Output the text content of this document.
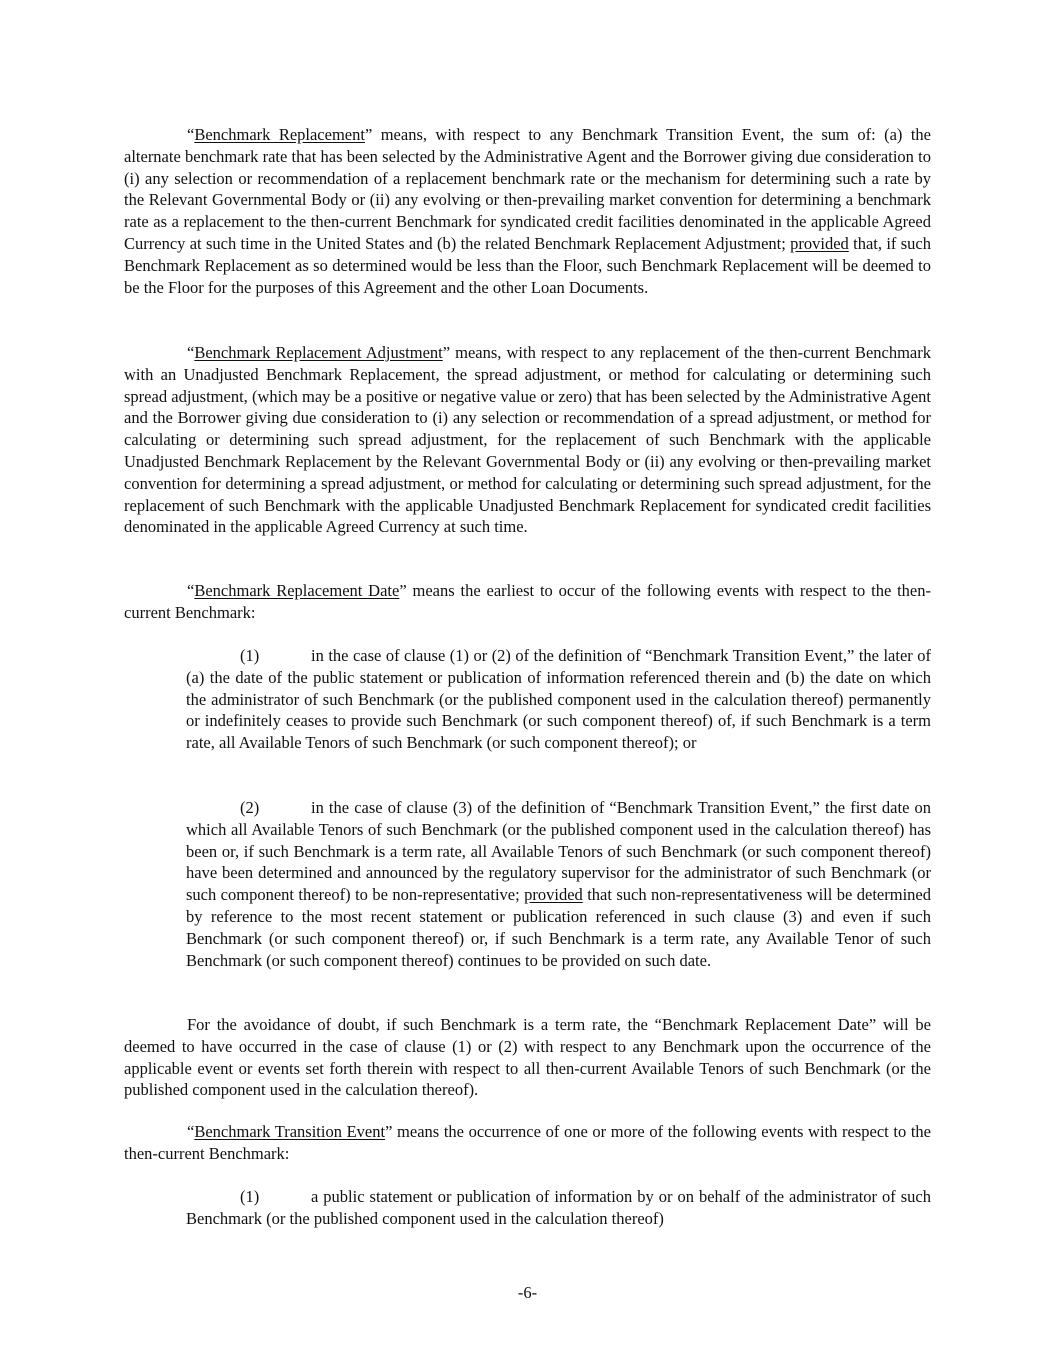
“Benchmark Replacement” means, with respect to any Benchmark Transition Event, the sum of: (a) the alternate benchmark rate that has been selected by the Administrative Agent and the Borrower giving due consideration to (i) any selection or recommendation of a replacement benchmark rate or the mechanism for determining such a rate by the Relevant Governmental Body or (ii) any evolving or then-prevailing market convention for determining a benchmark rate as a replacement to the then-current Benchmark for syndicated credit facilities denominated in the applicable Agreed Currency at such time in the United States and (b) the related Benchmark Replacement Adjustment; provided that, if such Benchmark Replacement as so determined would be less than the Floor, such Benchmark Replacement will be deemed to be the Floor for the purposes of this Agreement and the other Loan Documents.

“Benchmark Replacement Adjustment” means, with respect to any replacement of the then-current Benchmark with an Unadjusted Benchmark Replacement, the spread adjustment, or method for calculating or determining such spread adjustment, (which may be a positive or negative value or zero) that has been selected by the Administrative Agent and the Borrower giving due consideration to (i) any selection or recommendation of a spread adjustment, or method for calculating or determining such spread adjustment, for the replacement of such Benchmark with the applicable Unadjusted Benchmark Replacement by the Relevant Governmental Body or (ii) any evolving or then-prevailing market convention for determining a spread adjustment, or method for calculating or determining such spread adjustment, for the replacement of such Benchmark with the applicable Unadjusted Benchmark Replacement for syndicated credit facilities denominated in the applicable Agreed Currency at such time.

“Benchmark Replacement Date” means the earliest to occur of the following events with respect to the then-current Benchmark:

(1)	in the case of clause (1) or (2) of the definition of “Benchmark Transition Event,” the later of (a) the date of the public statement or publication of information referenced therein and (b) the date on which the administrator of such Benchmark (or the published component used in the calculation thereof) permanently or indefinitely ceases to provide such Benchmark (or such component thereof) of, if such Benchmark is a term rate, all Available Tenors of such Benchmark (or such component thereof); or

(2)	in the case of clause (3) of the definition of “Benchmark Transition Event,” the first date on which all Available Tenors of such Benchmark (or the published component used in the calculation thereof) has been or, if such Benchmark is a term rate, all Available Tenors of such Benchmark (or such component thereof) have been determined and announced by the regulatory supervisor for the administrator of such Benchmark (or such component thereof) to be non-representative; provided that such non-representativeness will be determined by reference to the most recent statement or publication referenced in such clause (3) and even if such Benchmark (or such component thereof) or, if such Benchmark is a term rate, any Available Tenor of such Benchmark (or such component thereof) continues to be provided on such date.

For the avoidance of doubt, if such Benchmark is a term rate, the “Benchmark Replacement Date” will be deemed to have occurred in the case of clause (1) or (2) with respect to any Benchmark upon the occurrence of the applicable event or events set forth therein with respect to all then-current Available Tenors of such Benchmark (or the published component used in the calculation thereof).

“Benchmark Transition Event” means the occurrence of one or more of the following events with respect to the then-current Benchmark:

(1)	a public statement or publication of information by or on behalf of the administrator of such Benchmark (or the published component used in the calculation thereof)

-6-
